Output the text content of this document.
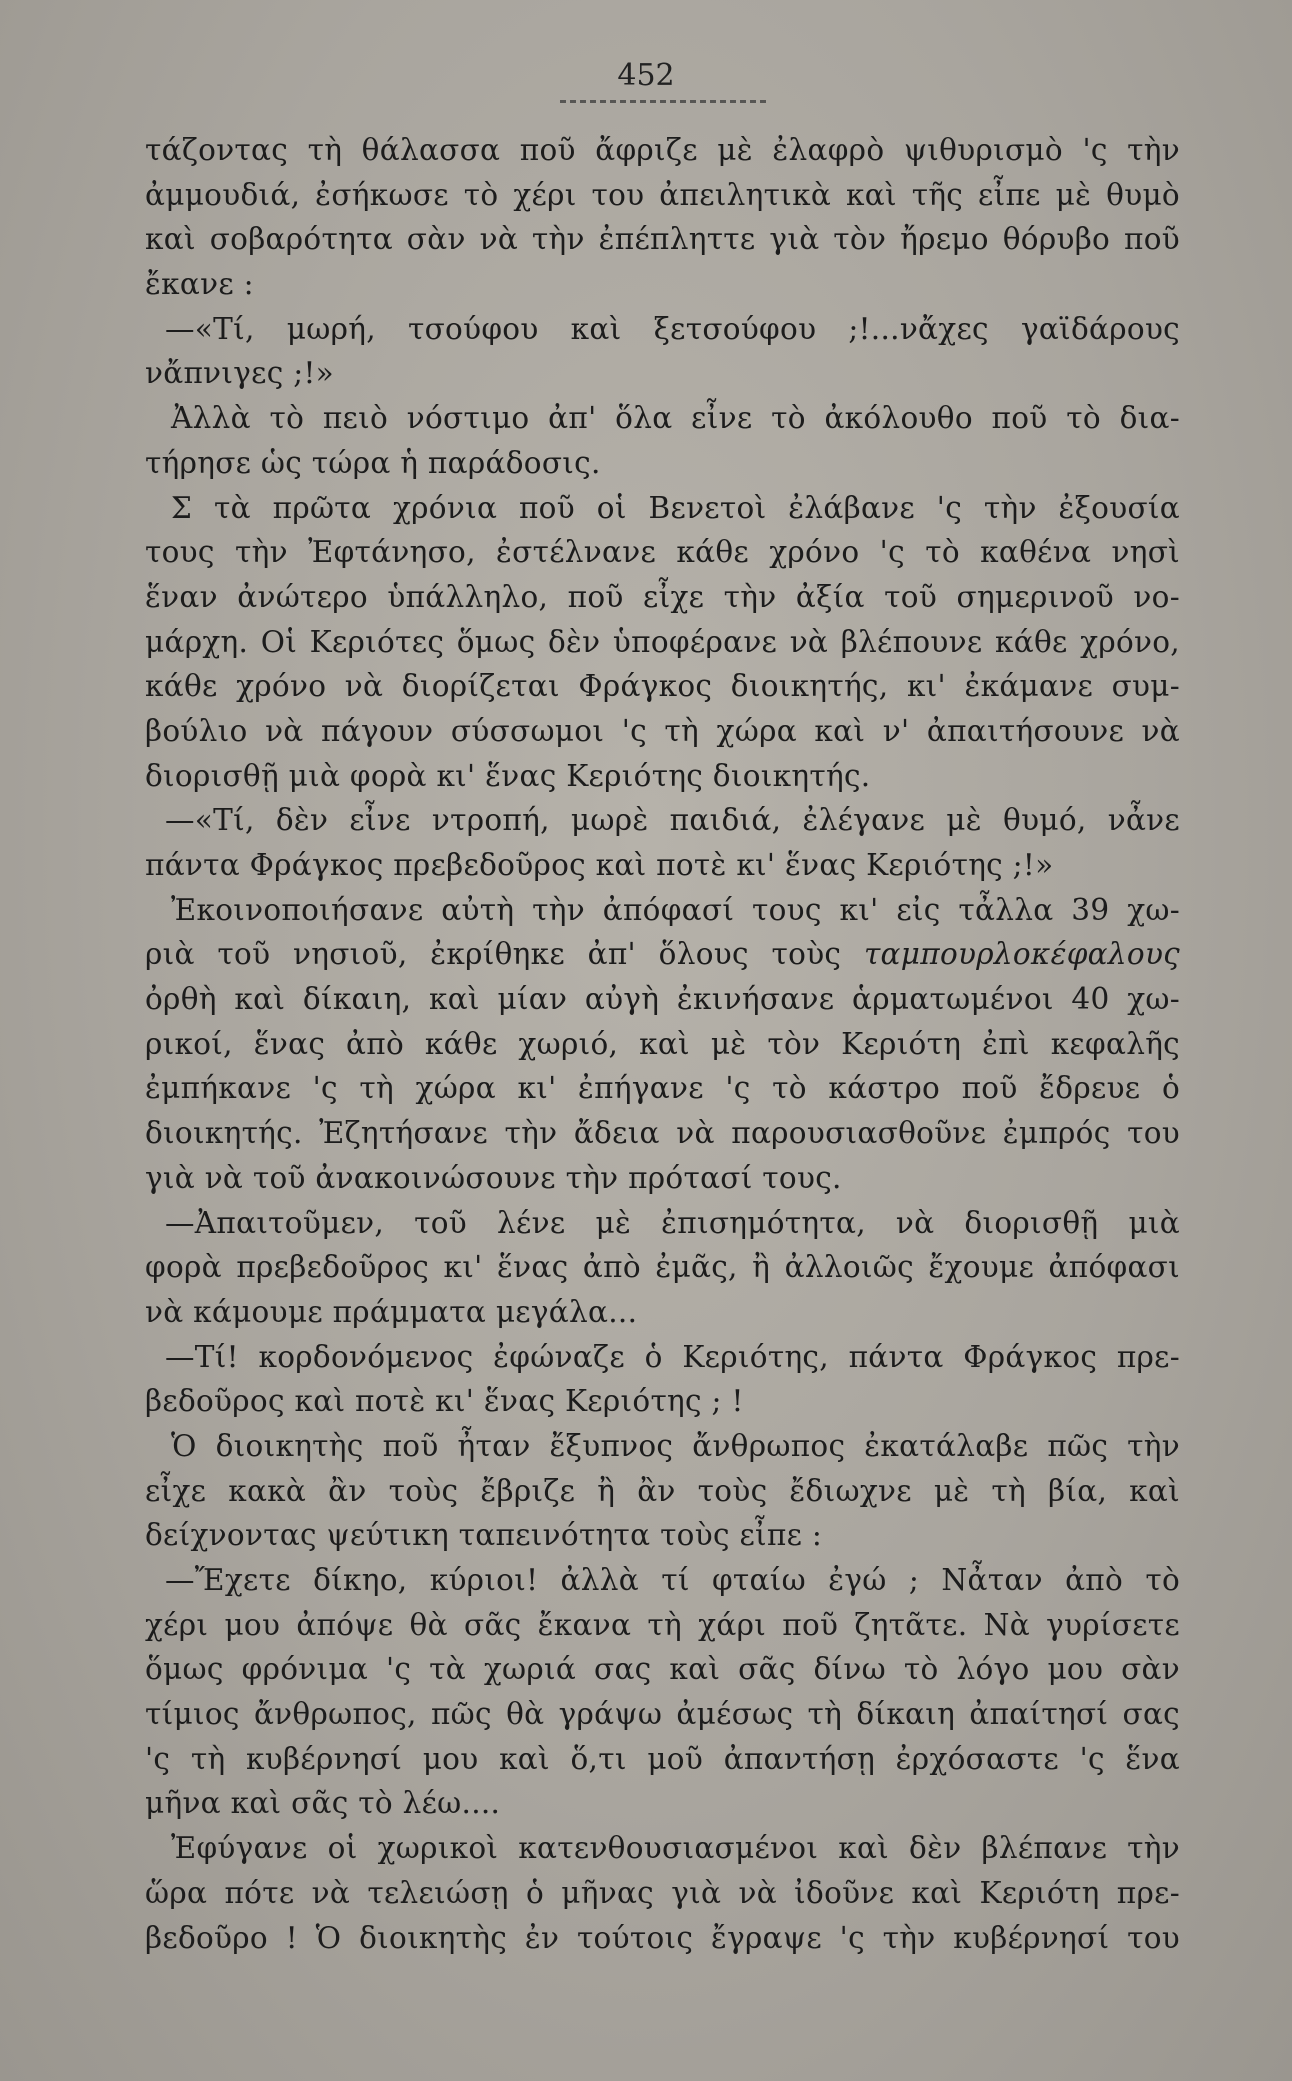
452
τάζοντας τὴ θάλασσα ποῦ ἄφριζε μὲ ἐλαφρὸ ψιθυρισμὸ 'ς τὴν
ἀμμουδιά, ἐσήκωσε τὸ χέρι του ἀπειλητικὰ καὶ τῆς εἶπε μὲ θυμὸ
καὶ σοβαρότητα σὰν νὰ τὴν ἐπέπληττε γιὰ τὸν ἤρεμο θόρυβο ποῦ
ἔκανε :
—«Τί, μωρή, τσούφου καὶ ξετσούφου ;!...νἄχες γαϊδάρους
νἄπνιγες ;!»
Ἀλλὰ τὸ πειὸ νόστιμο ἀπ' ὅλα εἶνε τὸ ἀκόλουθο ποῦ τὸ δια-
τήρησε ὡς τώρα ἡ παράδοσις.
Σ τὰ πρῶτα χρόνια ποῦ οἱ Βενετοὶ ἐλάβανε 'ς τὴν ἐξουσία
τους τὴν Ἐφτάνησο, ἐστέλνανε κάθε χρόνο 'ς τὸ καθένα νησὶ
ἕναν ἀνώτερο ὑπάλληλο, ποῦ εἶχε τὴν ἀξία τοῦ σημερινοῦ νο-
μάρχη. Οἱ Κεριότες ὅμως δὲν ὑποφέρανε νὰ βλέπουνε κάθε χρόνο,
κάθε χρόνο νὰ διορίζεται Φράγκος διοικητής, κι' ἐκάμανε συμ-
βούλιο νὰ πάγουν σύσσωμοι 'ς τὴ χώρα καὶ ν' ἀπαιτήσουνε νὰ
διορισθῇ μιὰ φορὰ κι' ἕνας Κεριότης διοικητής.
—«Τί, δὲν εἶνε ντροπή, μωρὲ παιδιά, ἐλέγανε μὲ θυμό, νἆνε
πάντα Φράγκος πρεβεδοῦρος καὶ ποτὲ κι' ἕνας Κεριότης ;!»
Ἐκοινοποιήσανε αὐτὴ τὴν ἀπόφασί τους κι' εἰς τἆλλα 39 χω-
ριὰ τοῦ νησιοῦ, ἐκρίθηκε ἀπ' ὅλους τοὺς ταμπουρλοκέφαλους
ὀρθὴ καὶ δίκαιη, καὶ μίαν αὐγὴ ἐκινήσανε ἁρματωμένοι 40 χω-
ρικοί, ἕνας ἀπὸ κάθε χωριό, καὶ μὲ τὸν Κεριότη ἐπὶ κεφαλῆς
ἐμπήκανε 'ς τὴ χώρα κι' ἐπήγανε 'ς τὸ κάστρο ποῦ ἔδρευε ὁ
διοικητής. Ἐζητήσανε τὴν ἄδεια νὰ παρουσιασθοῦνε ἐμπρός του
γιὰ νὰ τοῦ ἀνακοινώσουνε τὴν πρότασί τους.
—Ἀπαιτοῦμεν, τοῦ λένε μὲ ἐπισημότητα, νὰ διορισθῇ μιὰ
φορὰ πρεβεδοῦρος κι' ἕνας ἀπὸ ἐμᾶς, ἢ ἀλλοιῶς ἔχουμε ἀπόφασι
νὰ κάμουμε πράμματα μεγάλα...
—Τί! κορδονόμενος ἐφώναζε ὁ Κεριότης, πάντα Φράγκος πρε-
βεδοῦρος καὶ ποτὲ κι' ἕνας Κεριότης ; !
Ὁ διοικητὴς ποῦ ἦταν ἔξυπνος ἄνθρωπος ἐκατάλαβε πῶς τὴν
εἶχε κακὰ ἂν τοὺς ἔβριζε ἢ ἂν τοὺς ἔδιωχνε μὲ τὴ βία, καὶ
δείχνοντας ψεύτικη ταπεινότητα τοὺς εἶπε :
—Ἔχετε δίκηο, κύριοι! ἀλλὰ τί φταίω ἐγώ ; Νἆταν ἀπὸ τὸ
χέρι μου ἀπόψε θὰ σᾶς ἔκανα τὴ χάρι ποῦ ζητᾶτε. Νὰ γυρίσετε
ὅμως φρόνιμα 'ς τὰ χωριά σας καὶ σᾶς δίνω τὸ λόγο μου σὰν
τίμιος ἄνθρωπος, πῶς θὰ γράψω ἀμέσως τὴ δίκαιη ἀπαίτησί σας
'ς τὴ κυβέρνησί μου καὶ ὅ,τι μοῦ ἀπαντήσῃ ἐρχόσαστε 'ς ἕνα
μῆνα καὶ σᾶς τὸ λέω....
Ἐφύγανε οἱ χωρικοὶ κατενθουσιασμένοι καὶ δὲν βλέπανε τὴν
ὥρα πότε νὰ τελειώσῃ ὁ μῆνας γιὰ νὰ ἰδοῦνε καὶ Κεριότη πρε-
βεδοῦρο ! Ὁ διοικητὴς ἐν τούτοις ἔγραψε 'ς τὴν κυβέρνησί του
